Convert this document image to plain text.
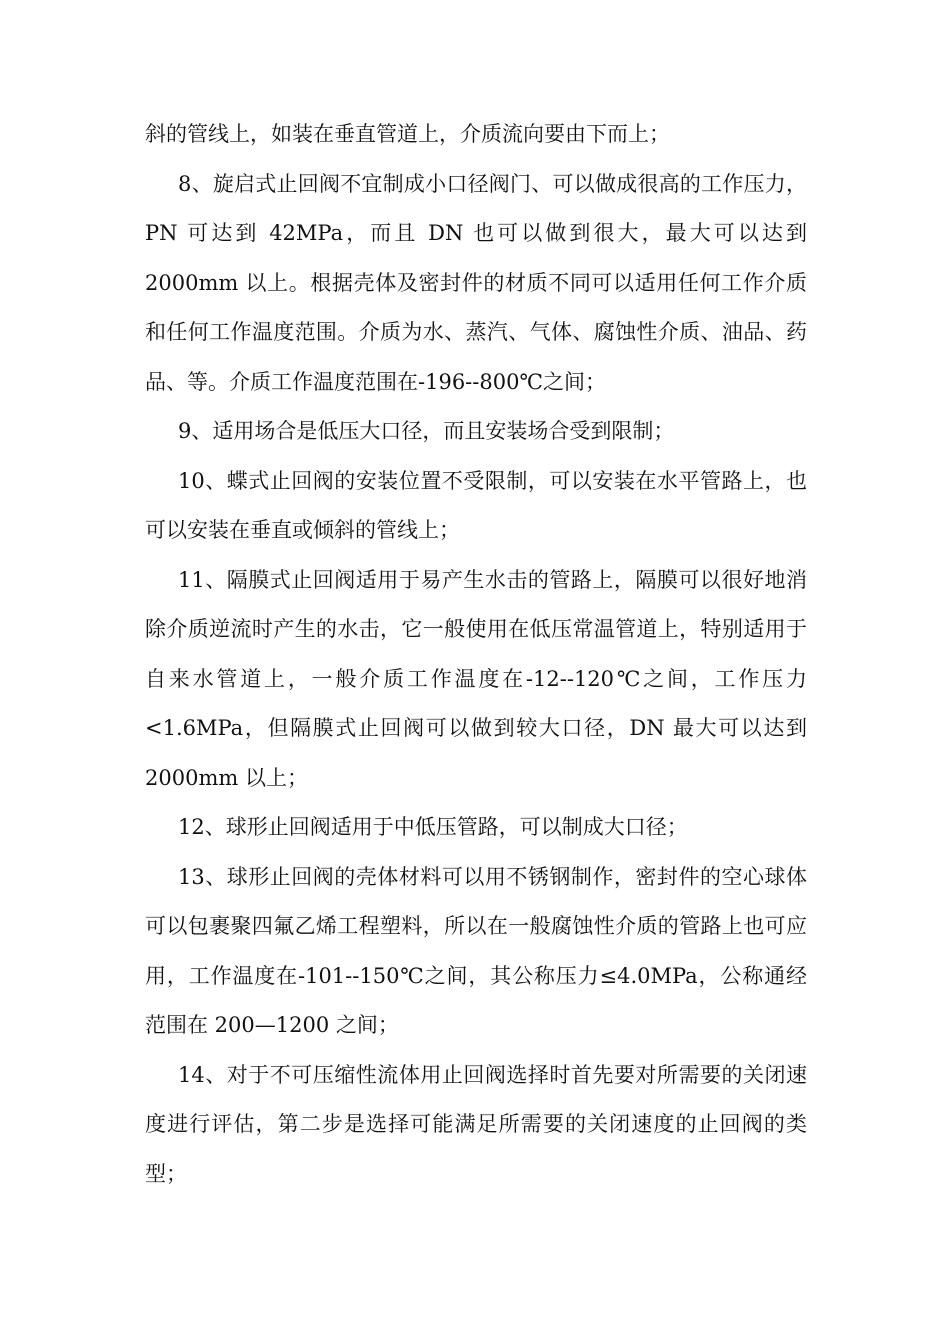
斜的管线上，如装在垂直管道上，介质流向要由下而上；

8、旋启式止回阀不宜制成小口径阀门、可以做成很高的工作压力，PN 可达到 42MPa，而且 DN 也可以做到很大，最大可以达到 2000mm 以上。根据壳体及密封件的材质不同可以适用任何工作介质和任何工作温度范围。介质为水、蒸汽、气体、腐蚀性介质、油品、药品、等。介质工作温度范围在-196--800℃之间；

9、适用场合是低压大口径，而且安装场合受到限制；

10、蝶式止回阀的安装位置不受限制，可以安装在水平管路上，也可以安装在垂直或倾斜的管线上；

11、隔膜式止回阀适用于易产生水击的管路上，隔膜可以很好地消除介质逆流时产生的水击，它一般使用在低压常温管道上，特别适用于自来水管道上，一般介质工作温度在-12--120℃之间，工作压力<1.6MPa，但隔膜式止回阀可以做到较大口径，DN 最大可以达到 2000mm 以上；

12、球形止回阀适用于中低压管路，可以制成大口径；

13、球形止回阀的壳体材料可以用不锈钢制作，密封件的空心球体可以包裹聚四氟乙烯工程塑料，所以在一般腐蚀性介质的管路上也可应用，工作温度在-101--150℃之间，其公称压力≤4.0MPa，公称通经范围在 200—1200 之间；

14、对于不可压缩性流体用止回阀选择时首先要对所需要的关闭速度进行评估，第二步是选择可能满足所需要的关闭速度的止回阀的类型；
